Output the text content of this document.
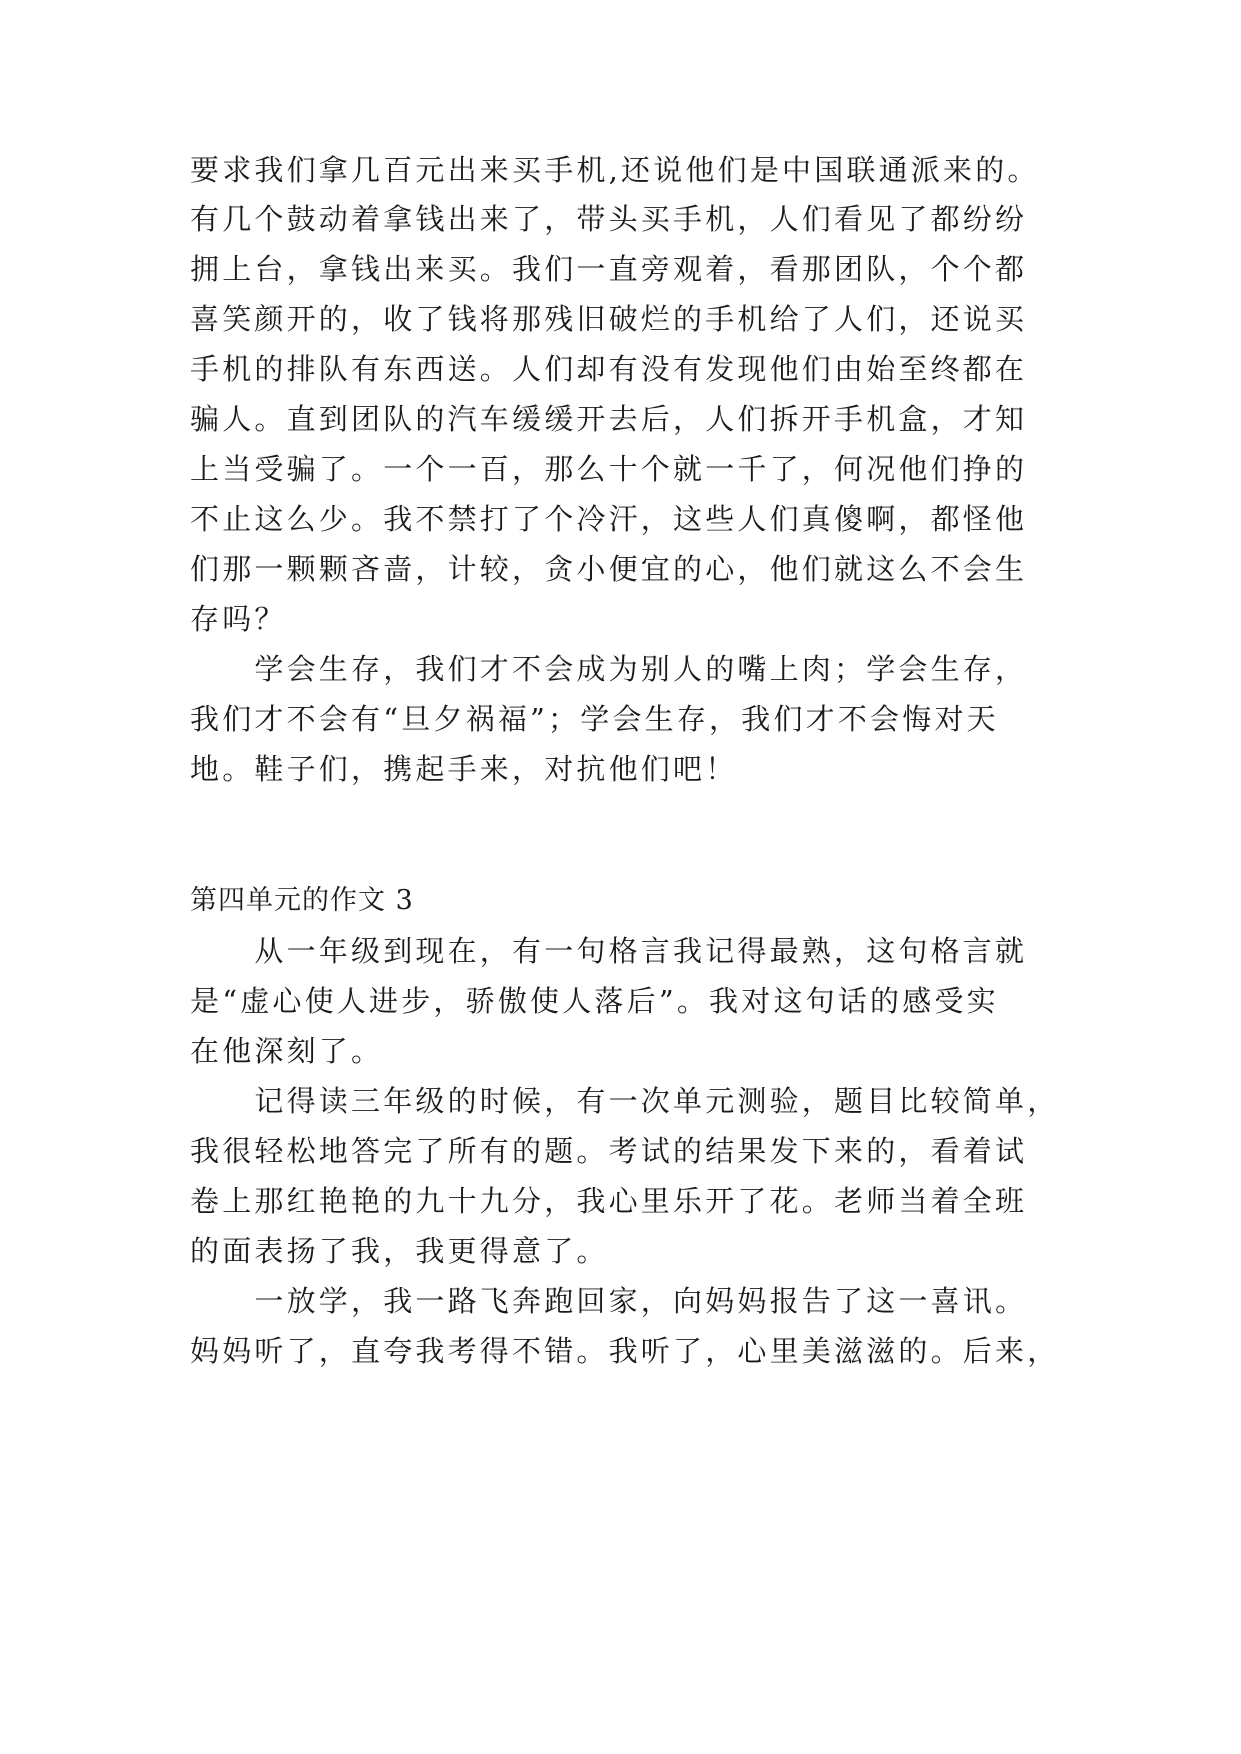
要求我们拿几百元出来买手机,还说他们是中国联通派来的。
有几个鼓动着拿钱出来了，带头买手机，人们看见了都纷纷
拥上台，拿钱出来买。我们一直旁观着，看那团队，个个都
喜笑颜开的，收了钱将那残旧破烂的手机给了人们，还说买
手机的排队有东西送。人们却有没有发现他们由始至终都在
骗人。直到团队的汽车缓缓开去后，人们拆开手机盒，才知
上当受骗了。一个一百，那么十个就一千了，何况他们挣的
不止这么少。我不禁打了个冷汗，这些人们真傻啊，都怪他
们那一颗颗吝啬，计较，贪小便宜的心，他们就这么不会生
存吗？
　　学会生存，我们才不会成为别人的嘴上肉；学会生存，
我们才不会有“旦夕祸福”；学会生存，我们才不会悔对天
地。鞋子们，携起手来，对抗他们吧！
第四单元的作文 3
　　从一年级到现在，有一句格言我记得最熟，这句格言就
是“虚心使人进步，骄傲使人落后”。我对这句话的感受实
在他深刻了。
　　记得读三年级的时候，有一次单元测验，题目比较简单，
我很轻松地答完了所有的题。考试的结果发下来的，看着试
卷上那红艳艳的九十九分，我心里乐开了花。老师当着全班
的面表扬了我，我更得意了。
　　一放学，我一路飞奔跑回家，向妈妈报告了这一喜讯。
妈妈听了，直夸我考得不错。我听了，心里美滋滋的。后来，
